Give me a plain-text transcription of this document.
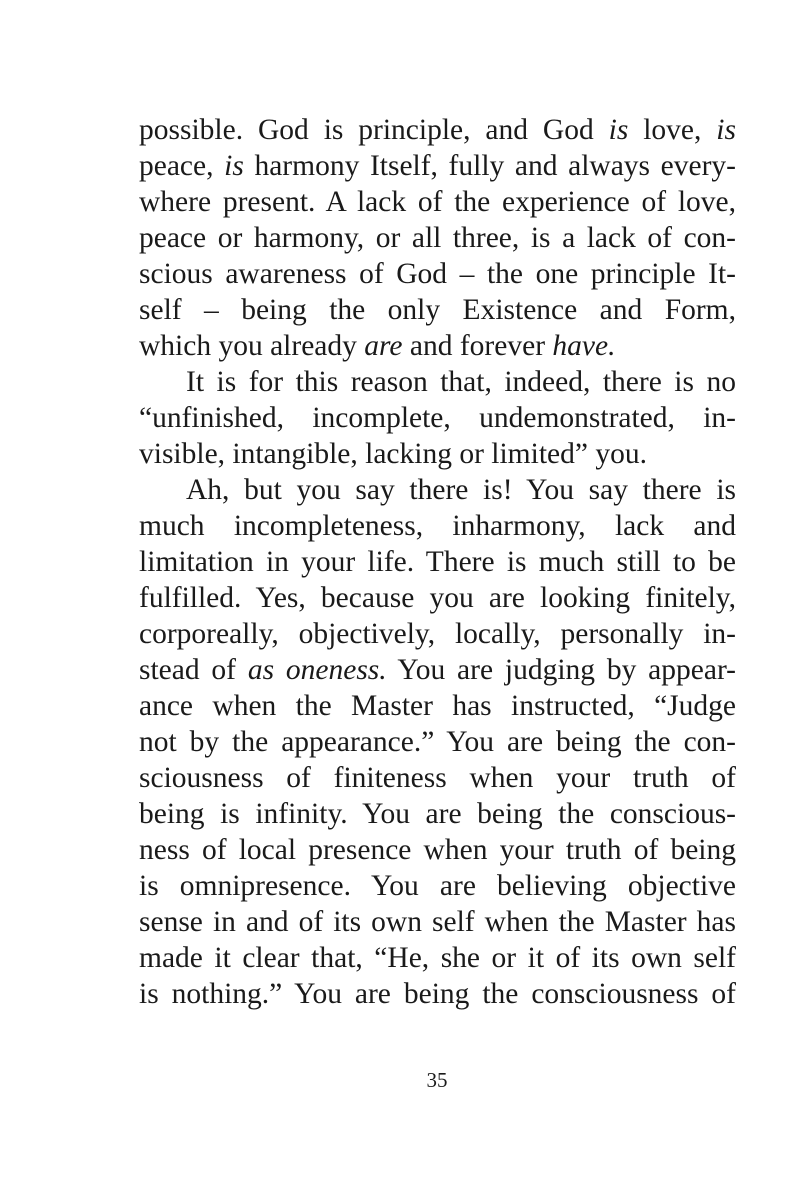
possible. God is principle, and God is love, is
peace, is harmony Itself, fully and always every-
where present. A lack of the experience of love,
peace or harmony, or all three, is a lack of con-
scious awareness of God – the one principle It-
self – being the only Existence and Form,
which you already are and forever have.
It is for this reason that, indeed, there is no
“unfinished, incomplete, undemonstrated, in-
visible, intangible, lacking or limited” you.
Ah, but you say there is! You say there is
much incompleteness, inharmony, lack and
limitation in your life. There is much still to be
fulfilled. Yes, because you are looking finitely,
corporeally, objectively, locally, personally in-
stead of as oneness. You are judging by appear-
ance when the Master has instructed, “Judge
not by the appearance.” You are being the con-
sciousness of finiteness when your truth of
being is infinity. You are being the conscious-
ness of local presence when your truth of being
is omnipresence. You are believing objective
sense in and of its own self when the Master has
made it clear that, “He, she or it of its own self
is nothing.” You are being the consciousness of
35
